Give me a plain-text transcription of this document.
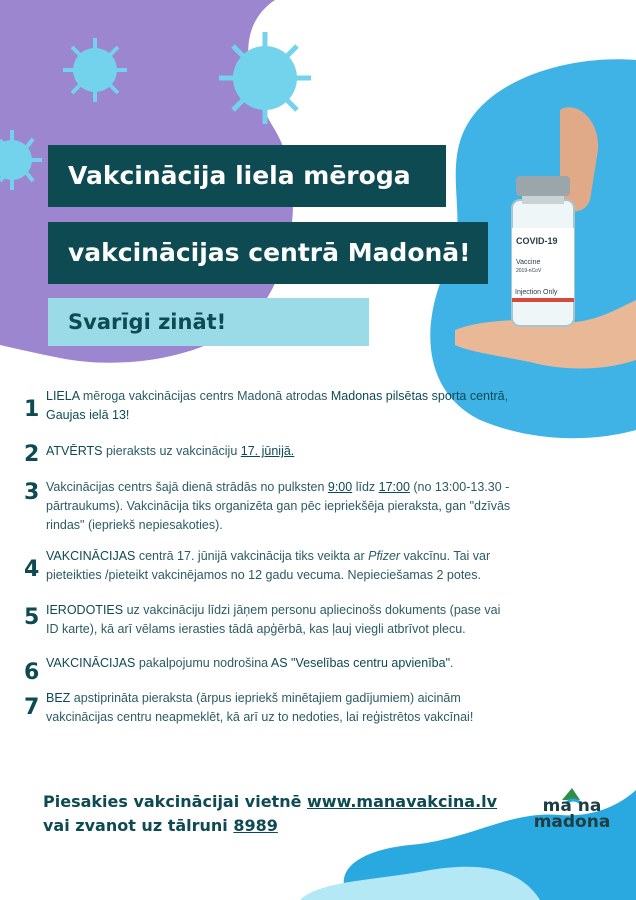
COVID-19
Vaccine
2019-nCoV
Injection Only
Vakcinācija liela mēroga
vakcinācijas centrā Madonā!
Svarīgi zināt!
1
LIELA mēroga vakcinācijas centrs Madonā atrodas Madonas pilsētas sporta centrā, Gaujas ielā 13!
2 ATVĒRTS pieraksts uz vakcināciju 17. jūnijā.
3 Vakcinācijas centrs šajā dienā strādās no pulksten 9:00 līdz 17:00 (no 13:00-13.30 - pārtraukums). Vakcinācija tiks organizēta gan pēc iepriekšēja pieraksta, gan "dzīvās rindas" (iepriekš nepiesakoties).
4
VAKCINĀCIJAS centrā 17. jūnijā vakcinācija tiks veikta ar Pfizer vakcīnu. Tai var pieteikties /pieteikt vakcinējamos no 12 gadu vecuma. Nepieciešamas 2 potes.
5 IERODOTIES uz vakcināciju līdzi jāņem personu apliecinošs dokuments (pase vai ID karte), kā arī vēlams ierasties tādā apģērbā, kas ļauj viegli atbrīvot plecu.
6 VAKCINĀCIJAS pakalpojumu nodrošina AS "Veselības centru apvienība".
7 BEZ apstiprināta pieraksta (ārpus iepriekš minētajiem gadījumiem) aicinām vakcinācijas centru neapmeklēt, kā arī uz to nedoties, lai reģistrētos vakcīnai!
Piesakies vakcinācijai vietnē www.manavakcina.lv
vai zvanot uz tālruni 8989
ma na
madona
